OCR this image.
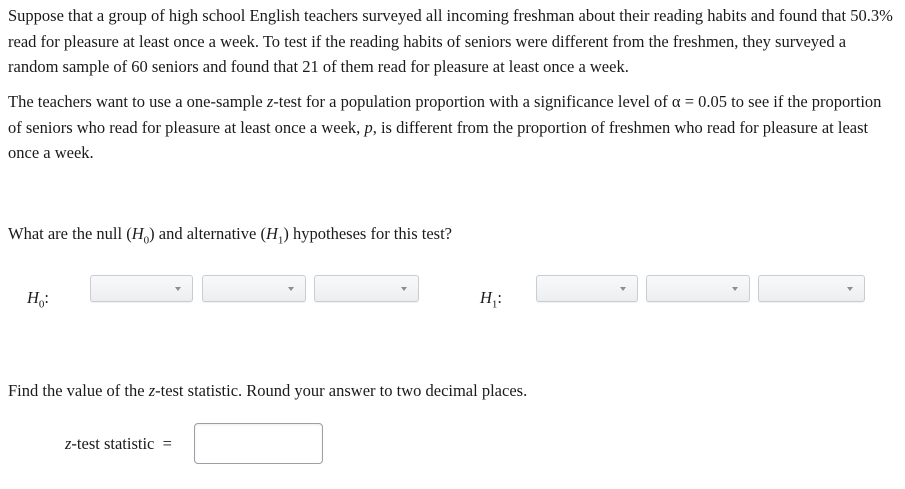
Suppose that a group of high school English teachers surveyed all incoming freshman about their reading habits and found that 50.3% read for pleasure at least once a week. To test if the reading habits of seniors were different from the freshmen, they surveyed a random sample of 60 seniors and found that 21 of them read for pleasure at least once a week.

The teachers want to use a one-sample z-test for a population proportion with a significance level of α = 0.05 to see if the proportion of seniors who read for pleasure at least once a week, p, is different from the proportion of freshmen who read for pleasure at least once a week.

What are the null $(H_0)$ and alternative $(H_1)$ hypotheses for this test?

$H_0$:	$H_1$:

Find the value of the z-test statistic. Round your answer to two decimal places.

z-test statistic  =
